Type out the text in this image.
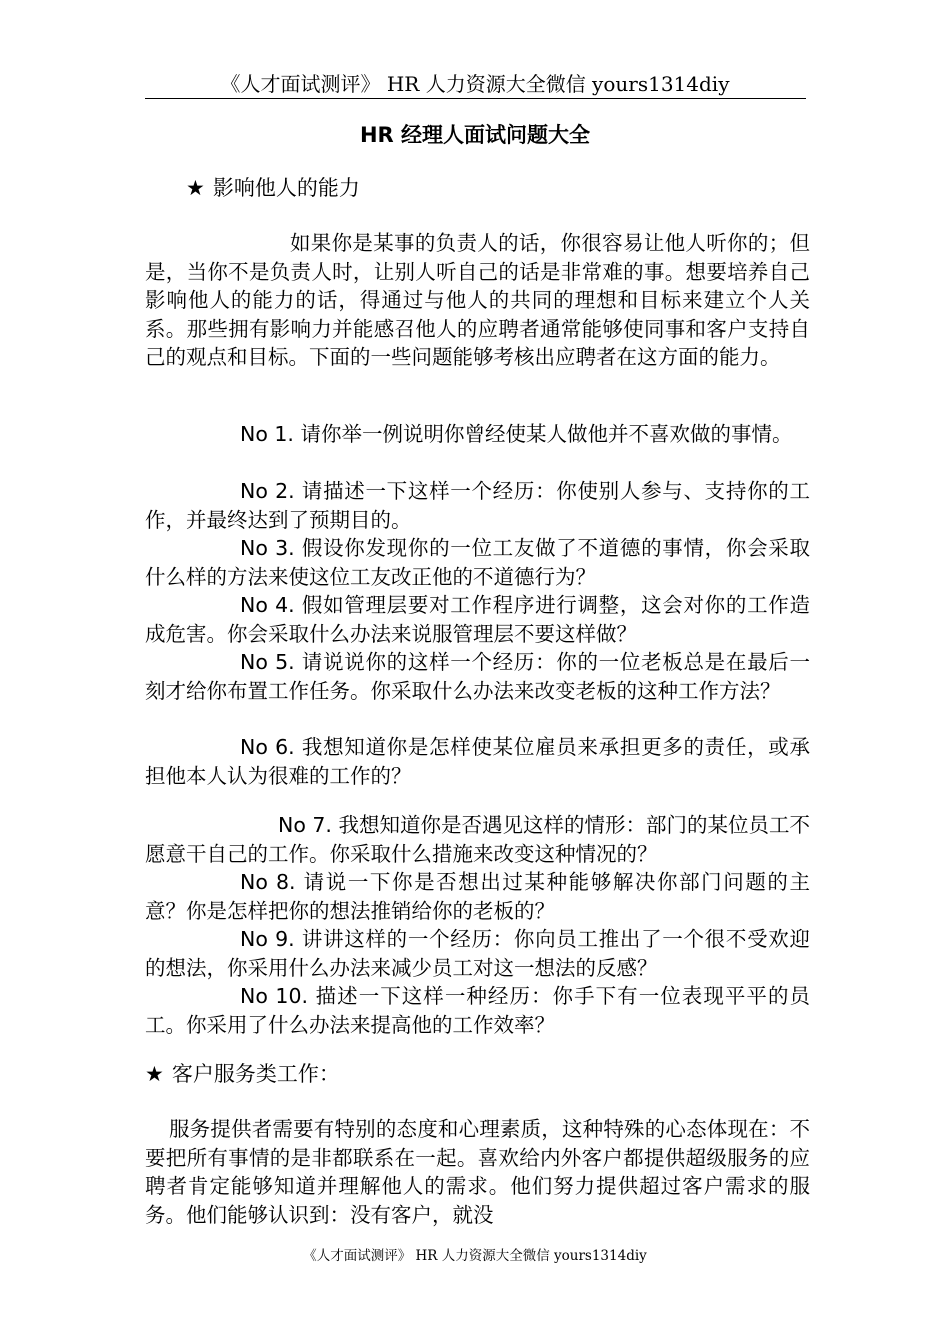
《人才面试测评》 HR 人力资源大全微信 yours1314diy
HR 经理人面试问题大全
★ 影响他人的能力
如果你是某事的负责人的话，你很容易让他人听你的；但是，当你不是负责人时，让别人听自己的话是非常难的事。想要培养自己影响他人的能力的话，得通过与他人的共同的理想和目标来建立个人关系。那些拥有影响力并能感召他人的应聘者通常能够使同事和客户支持自己的观点和目标。下面的一些问题能够考核出应聘者在这方面的能力。
No 1. 请你举一例说明你曾经使某人做他并不喜欢做的事情。
No 2. 请描述一下这样一个经历：你使别人参与、支持你的工作，并最终达到了预期目的。
No 3. 假设你发现你的一位工友做了不道德的事情，你会采取什么样的方法来使这位工友改正他的不道德行为？
No 4. 假如管理层要对工作程序进行调整，这会对你的工作造成危害。你会采取什么办法来说服管理层不要这样做？
No 5. 请说说你的这样一个经历：你的一位老板总是在最后一刻才给你布置工作任务。你采取什么办法来改变老板的这种工作方法？
No 6. 我想知道你是怎样使某位雇员来承担更多的责任，或承担他本人认为很难的工作的？
No 7. 我想知道你是否遇见这样的情形：部门的某位员工不愿意干自己的工作。你采取什么措施来改变这种情况的？
No 8. 请说一下你是否想出过某种能够解决你部门问题的主意？你是怎样把你的想法推销给你的老板的？
No 9. 讲讲这样的一个经历：你向员工推出了一个很不受欢迎的想法，你采用什么办法来减少员工对这一想法的反感？
No 10. 描述一下这样一种经历：你手下有一位表现平平的员工。你采用了什么办法来提高他的工作效率？
★ 客户服务类工作：
服务提供者需要有特别的态度和心理素质，这种特殊的心态体现在：不要把所有事情的是非都联系在一起。喜欢给内外客户都提供超级服务的应聘者肯定能够知道并理解他人的需求。他们努力提供超过客户需求的服务。他们能够认识到：没有客户，就没
《人才面试测评》 HR 人力资源大全微信 yours1314diy
